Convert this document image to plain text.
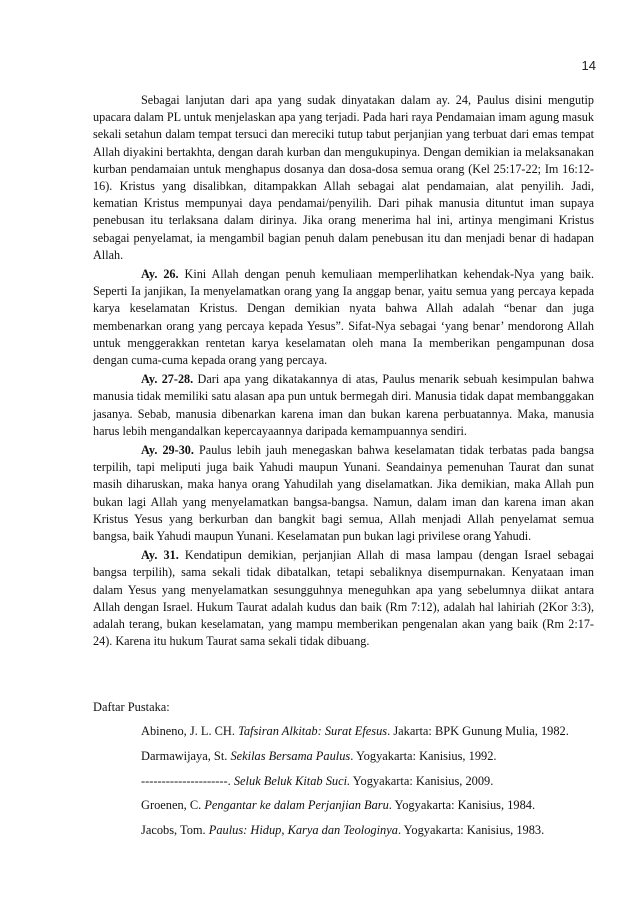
14

Sebagai lanjutan dari apa yang sudak dinyatakan dalam ay. 24, Paulus disini mengutip upacara dalam PL untuk menjelaskan apa yang terjadi. Pada hari raya Pendamaian imam agung masuk sekali setahun dalam tempat tersuci dan mereciki tutup tabut perjanjian yang terbuat dari emas tempat Allah diyakini bertakhta, dengan darah kurban dan mengukupinya. Dengan demikian ia melaksanakan kurban pendamaian untuk menghapus dosanya dan dosa-dosa semua orang (Kel 25:17-22; Im 16:12-16). Kristus yang disalibkan, ditampakkan Allah sebagai alat pendamaian, alat penyilih. Jadi, kematian Kristus mempunyai daya pendamai/penyilih. Dari pihak manusia dituntut iman supaya penebusan itu terlaksana dalam dirinya. Jika orang menerima hal ini, artinya mengimani Kristus sebagai penyelamat, ia mengambil bagian penuh dalam penebusan itu dan menjadi benar di hadapan Allah.

Ay. 26. Kini Allah dengan penuh kemuliaan memperlihatkan kehendak-Nya yang baik. Seperti Ia janjikan, Ia menyelamatkan orang yang Ia anggap benar, yaitu semua yang percaya kepada karya keselamatan Kristus. Dengan demikian nyata bahwa Allah adalah “benar dan juga membenarkan orang yang percaya kepada Yesus”. Sifat-Nya sebagai ‘yang benar’ mendorong Allah untuk menggerakkan rentetan karya keselamatan oleh mana Ia memberikan pengampunan dosa dengan cuma-cuma kepada orang yang percaya.

Ay. 27-28. Dari apa yang dikatakannya di atas, Paulus menarik sebuah kesimpulan bahwa manusia tidak memiliki satu alasan apa pun untuk bermegah diri. Manusia tidak dapat membanggakan jasanya. Sebab, manusia dibenarkan karena iman dan bukan karena perbuatannya. Maka, manusia harus lebih mengandalkan kepercayaannya daripada kemampuannya sendiri.

Ay. 29-30. Paulus lebih jauh menegaskan bahwa keselamatan tidak terbatas pada bangsa terpilih, tapi meliputi juga baik Yahudi maupun Yunani. Seandainya pemenuhan Taurat dan sunat masih diharuskan, maka hanya orang Yahudilah yang diselamatkan. Jika demikian, maka Allah pun bukan lagi Allah yang menyelamatkan bangsa-bangsa. Namun, dalam iman dan karena iman akan Kristus Yesus yang berkurban dan bangkit bagi semua, Allah menjadi Allah penyelamat semua bangsa, baik Yahudi maupun Yunani. Keselamatan pun bukan lagi privilese orang Yahudi.

Ay. 31. Kendatipun demikian, perjanjian Allah di masa lampau (dengan Israel sebagai bangsa terpilih), sama sekali tidak dibatalkan, tetapi sebaliknya disempurnakan. Kenyataan iman dalam Yesus yang menyelamatkan sesungguhnya meneguhkan apa yang sebelumnya diikat antara Allah dengan Israel. Hukum Taurat adalah kudus dan baik (Rm 7:12), adalah hal lahiriah (2Kor 3:3), adalah terang, bukan keselamatan, yang mampu memberikan pengenalan akan yang baik (Rm 2:17-24). Karena itu hukum Taurat sama sekali tidak dibuang.

Daftar Pustaka:
Abineno, J. L. CH. Tafsiran Alkitab: Surat Efesus. Jakarta: BPK Gunung Mulia, 1982.
Darmawijaya, St. Sekilas Bersama Paulus. Yogyakarta: Kanisius, 1992.
---------------------. Seluk Beluk Kitab Suci. Yogyakarta: Kanisius, 2009.
Groenen, C. Pengantar ke dalam Perjanjian Baru. Yogyakarta: Kanisius, 1984.
Jacobs, Tom. Paulus: Hidup, Karya dan Teologinya. Yogyakarta: Kanisius, 1983.
